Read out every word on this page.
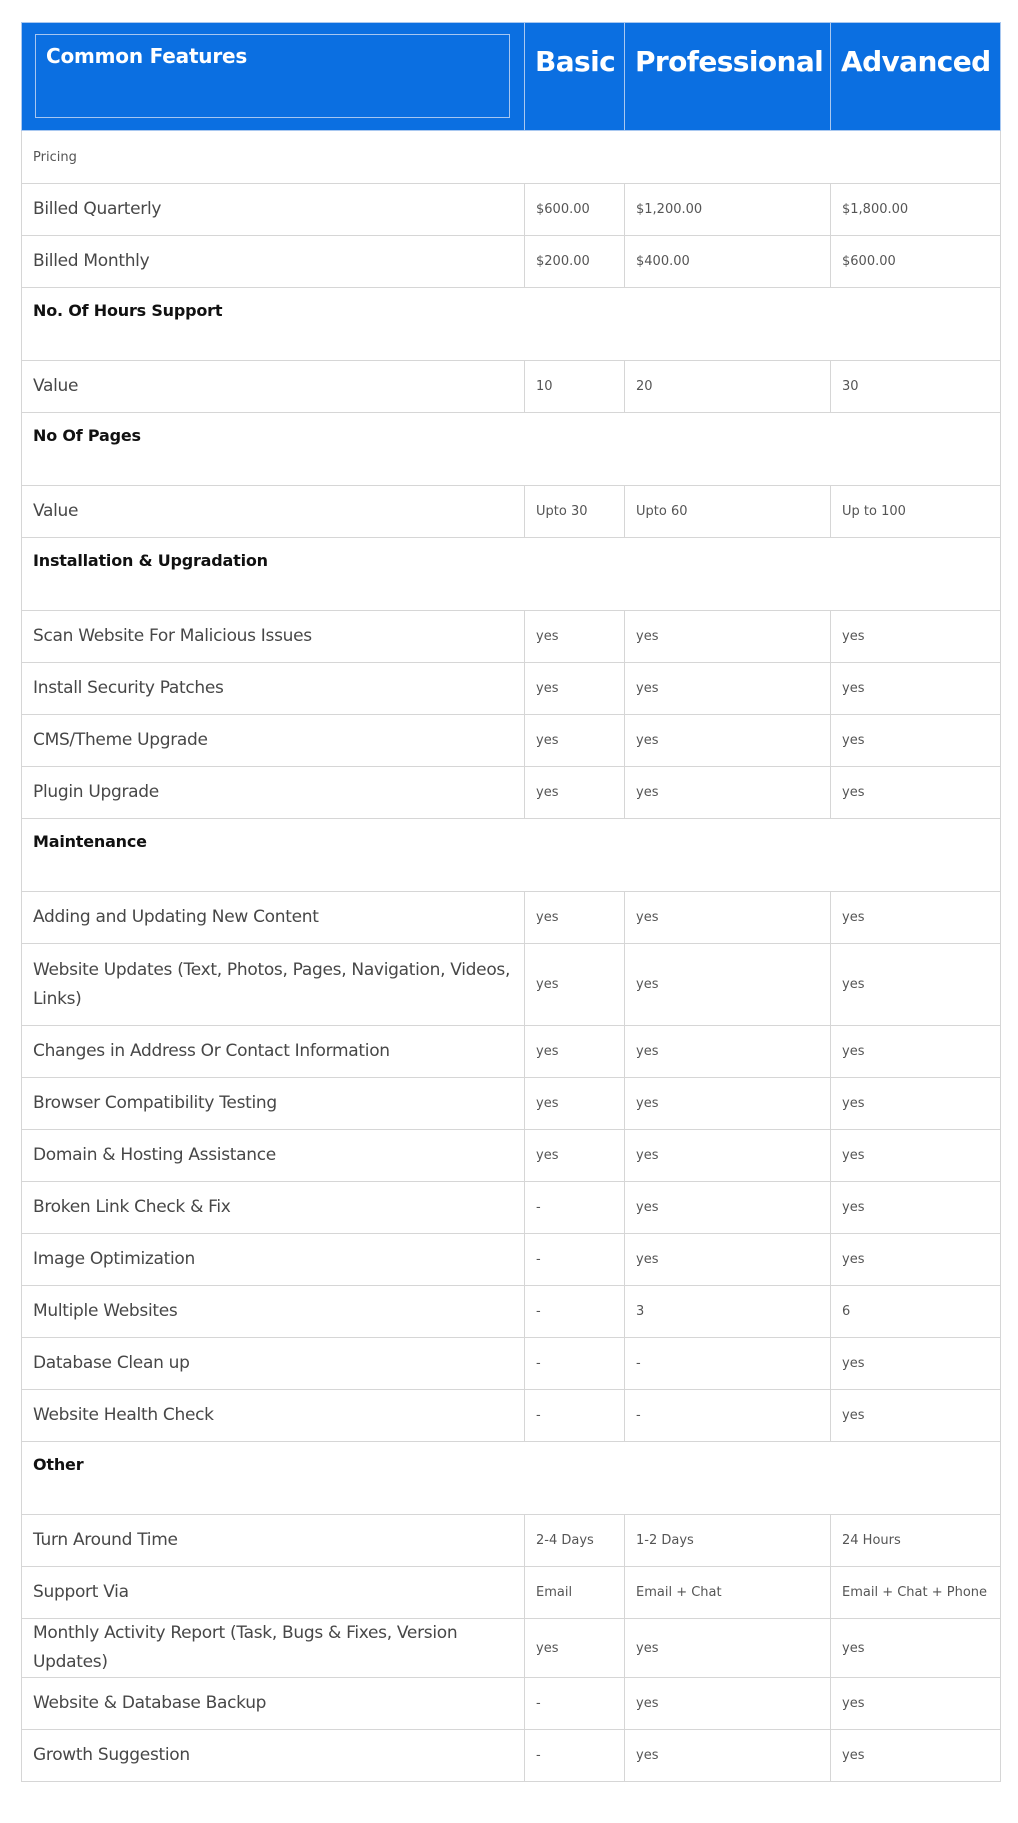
Common Features	Basic	Professional	Advanced

Pricing			
Billed Quarterly	$600.00	$1,200.00	$1,800.00
Billed Monthly	$200.00	$400.00	$600.00
No. Of Hours Support			
Value	10	20	30
No Of Pages			
Value	Upto 30	Upto 60	Up to 100
Installation & Upgradation			
Scan Website For Malicious Issues	yes	yes	yes
Install Security Patches	yes	yes	yes
CMS/Theme Upgrade	yes	yes	yes
Plugin Upgrade	yes	yes	yes
Maintenance			
Adding and Updating New Content	yes	yes	yes
Website Updates (Text, Photos, Pages, Navigation, Videos, Links)	yes	yes	yes
Changes in Address Or Contact Information	yes	yes	yes
Browser Compatibility Testing	yes	yes	yes
Domain & Hosting Assistance	yes	yes	yes
Broken Link Check & Fix	-	yes	yes
Image Optimization	-	yes	yes
Multiple Websites	-	3	6
Database Clean up	-	-	yes
Website Health Check	-	-	yes
Other			
Turn Around Time	2-4 Days	1-2 Days	24 Hours
Support Via	Email	Email + Chat	Email + Chat + Phone
Monthly Activity Report (Task, Bugs & Fixes, Version Updates)	yes	yes	yes
Website & Database Backup	-	yes	yes
Growth Suggestion	-	yes	yes
